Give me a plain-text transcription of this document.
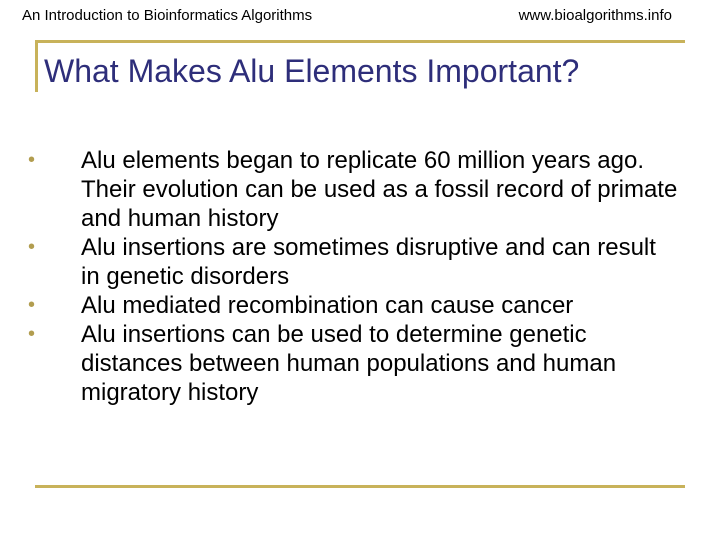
An Introduction to Bioinformatics Algorithms	www.bioalgorithms.info
What Makes Alu Elements Important?
•	Alu elements began to replicate 60 million years ago. Their evolution can be used as a fossil record of primate and human history
•	Alu insertions are sometimes disruptive and can result in genetic disorders
•	Alu mediated recombination can cause cancer
•	Alu insertions can be used to determine genetic distances between human populations and human migratory history
